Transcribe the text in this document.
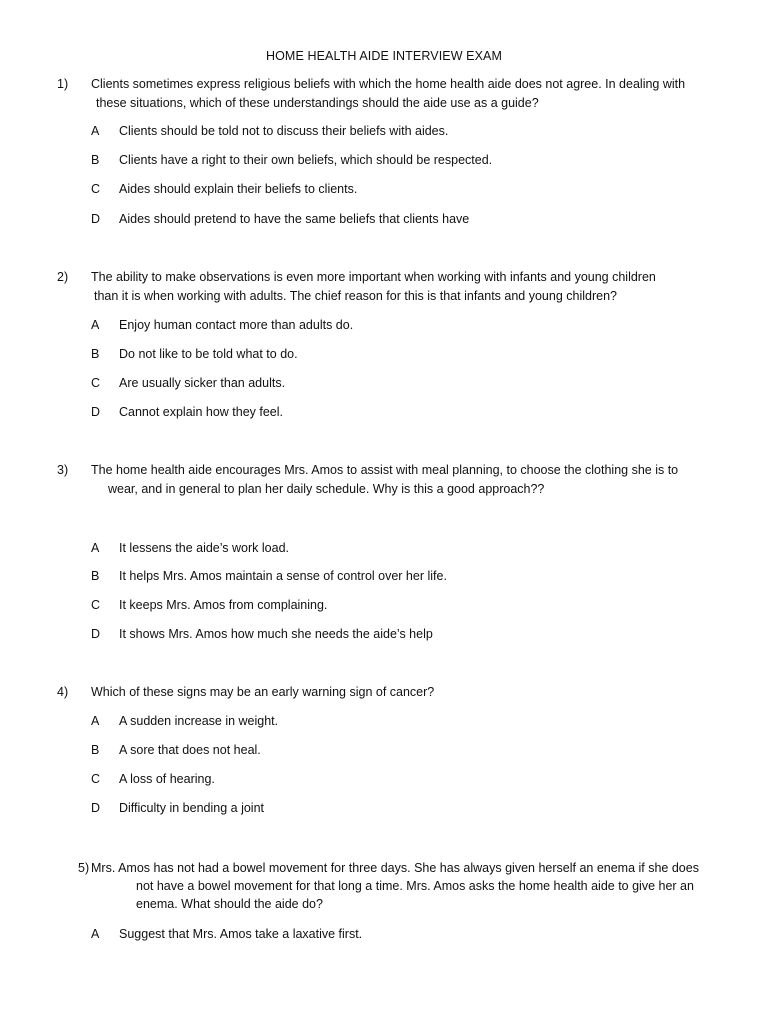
HOME HEALTH AIDE INTERVIEW EXAM
1) Clients sometimes express religious beliefs with which the home health aide does not agree. In dealing with
these situations, which of these understandings should the aide use as a guide?
A Clients should be told not to discuss their beliefs with aides.
B Clients have a right to their own beliefs, which should be respected.
C Aides should explain their beliefs to clients.
D Aides should pretend to have the same beliefs that clients have
2) The ability to make observations is even more important when working with infants and young children
than it is when working with adults. The chief reason for this is that infants and young children?
A Enjoy human contact more than adults do.
B Do not like to be told what to do.
C Are usually sicker than adults.
D Cannot explain how they feel.
3) The home health aide encourages Mrs. Amos to assist with meal planning, to choose the clothing she is to
wear, and in general to plan her daily schedule. Why is this a good approach??
A It lessens the aide’s work load.
B It helps Mrs. Amos maintain a sense of control over her life.
C It keeps Mrs. Amos from complaining.
D It shows Mrs. Amos how much she needs the aide’s help
4) Which of these signs may be an early warning sign of cancer?
A A sudden increase in weight.
B A sore that does not heal.
C A loss of hearing.
D Difficulty in bending a joint
5) Mrs. Amos has not had a bowel movement for three days. She has always given herself an enema if she does
not have a bowel movement for that long a time. Mrs. Amos asks the home health aide to give her an
enema. What should the aide do?
A Suggest that Mrs. Amos take a laxative first.
